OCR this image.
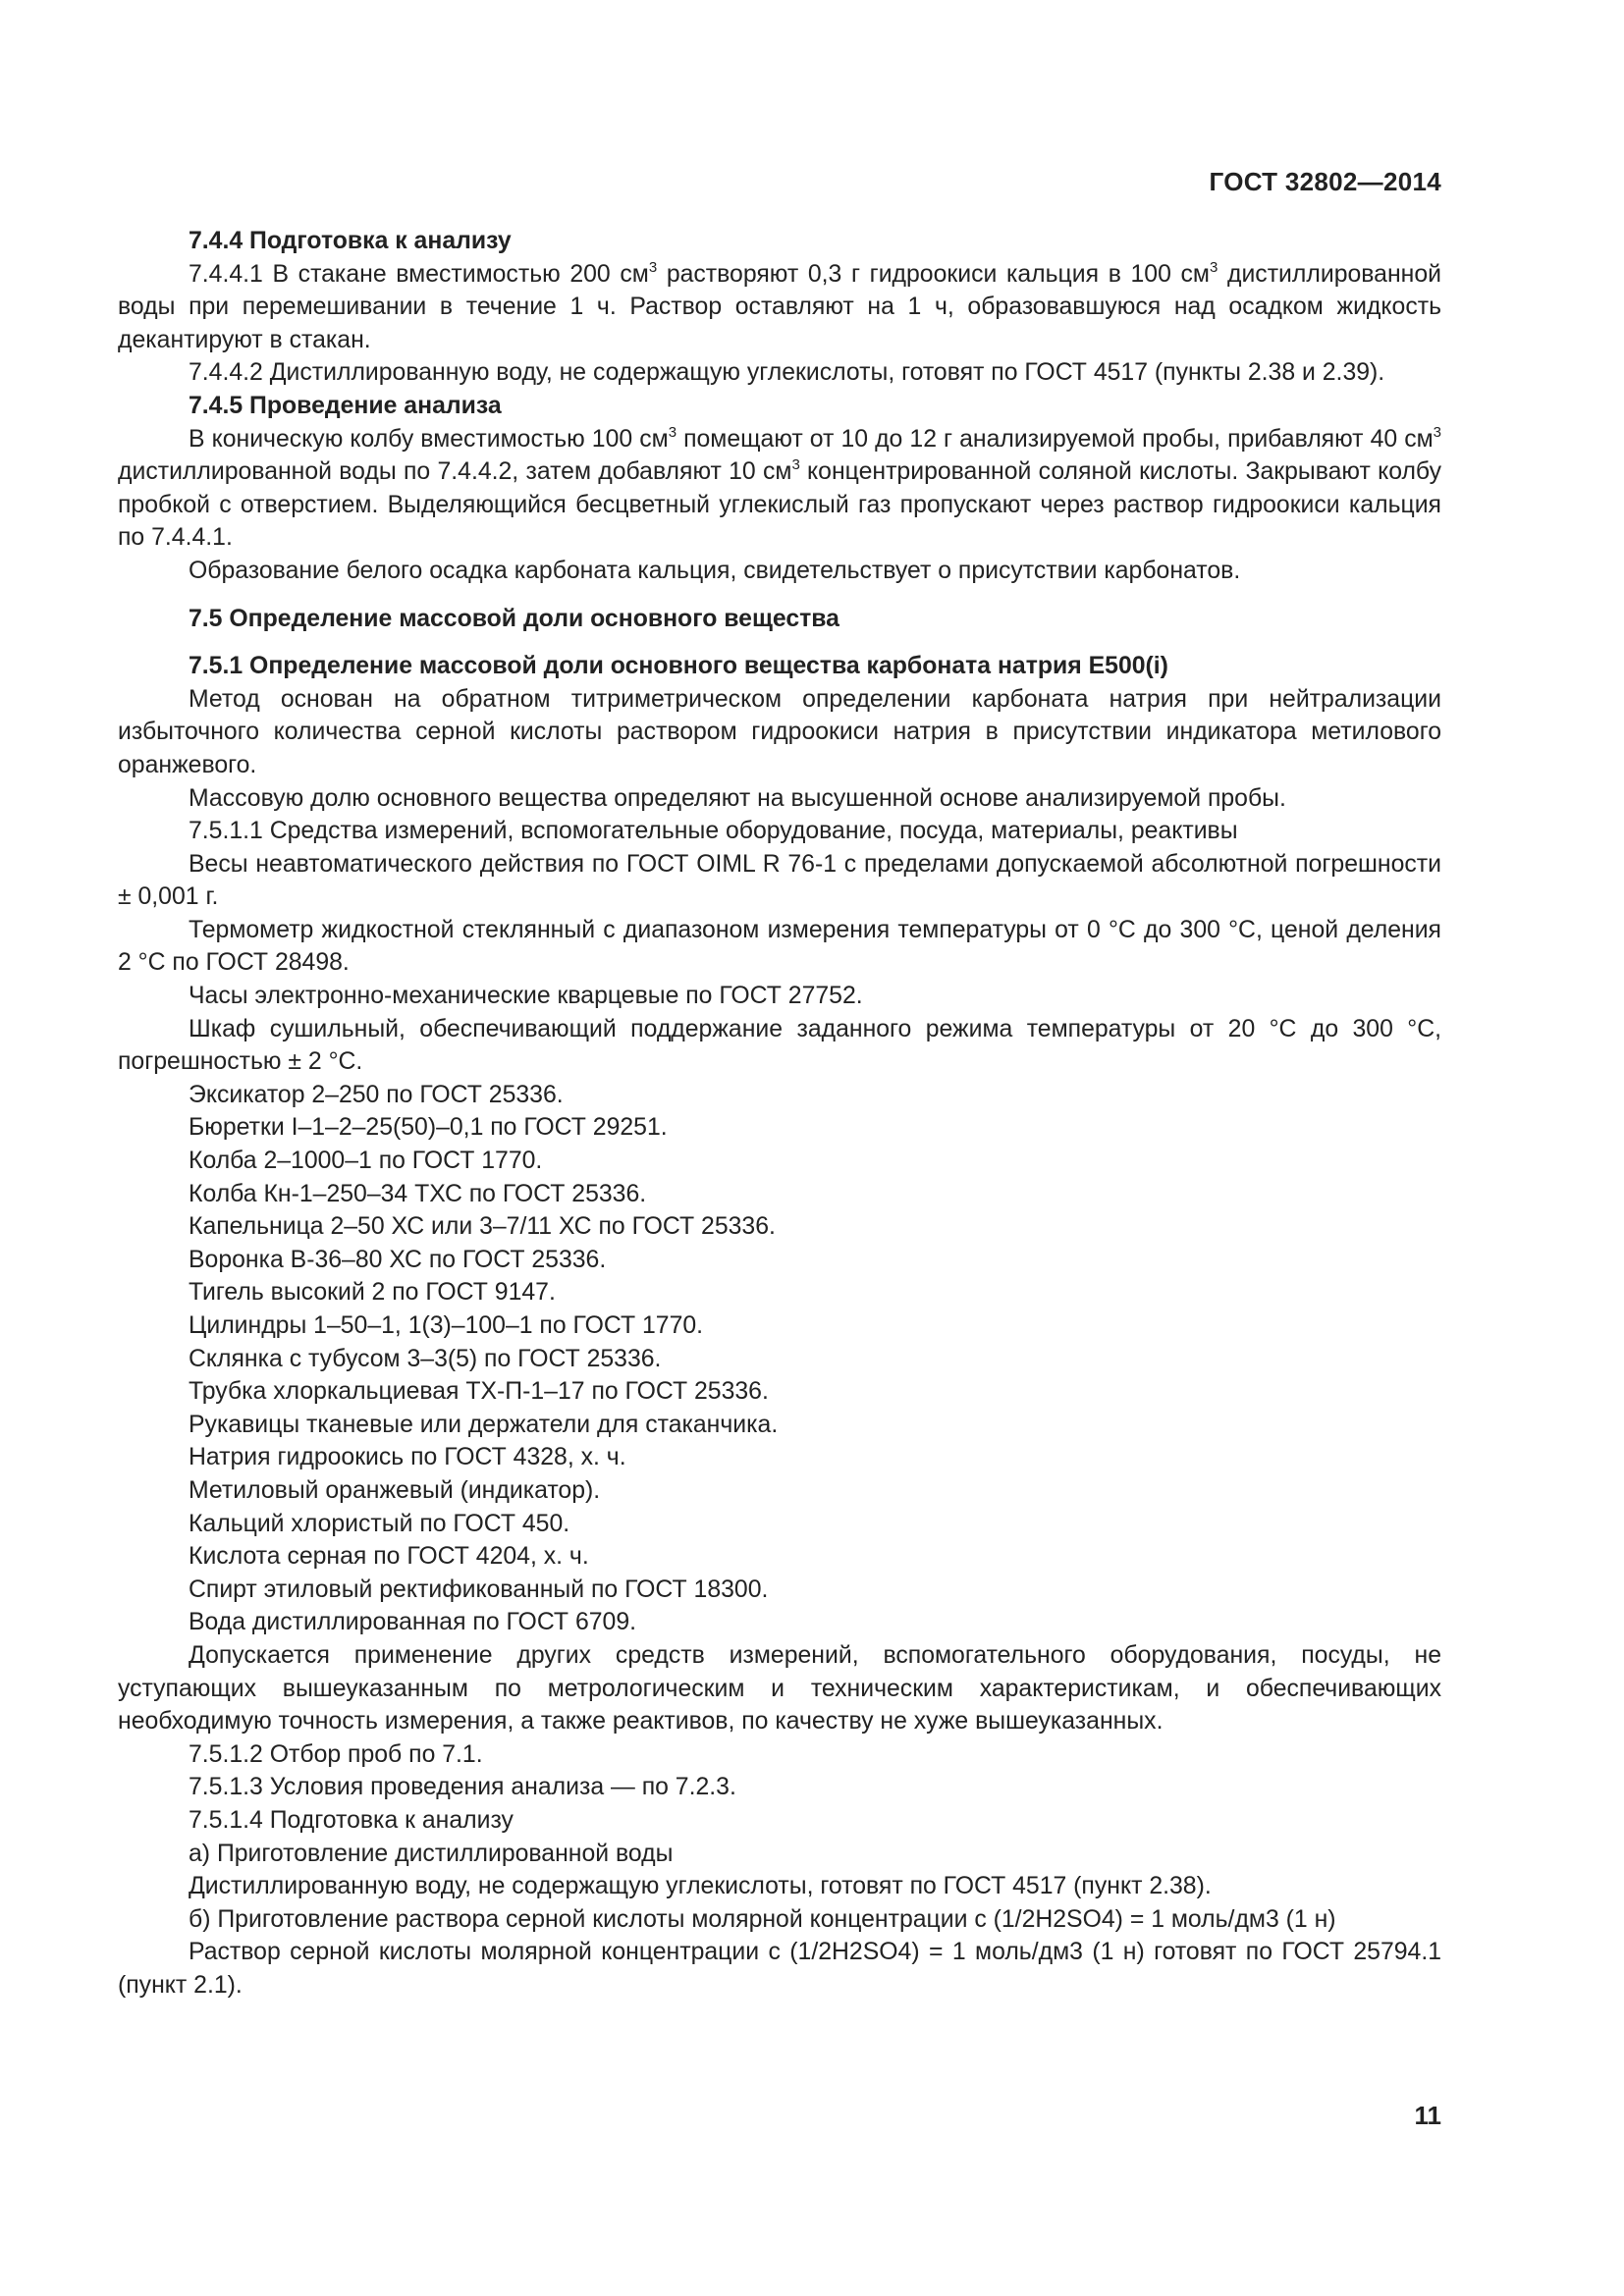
ГОСТ 32802—2014

7.4.4 Подготовка к анализу

7.4.4.1 В стакане вместимостью 200 $см^3$ растворяют 0,3 г гидроокиси кальция в 100 $см^3$ дистиллированной воды при перемешивании в течение 1 ч. Раствор оставляют на 1 ч, образовавшуюся над осадком жидкость декантируют в стакан.

7.4.4.2 Дистиллированную воду, не содержащую углекислоты, готовят по ГОСТ 4517 (пункты 2.38 и 2.39).

7.4.5 Проведение анализа

В коническую колбу вместимостью 100 $см^3$ помещают от 10 до 12 г анализируемой пробы, прибавляют 40 $см^3$ дистиллированной воды по 7.4.4.2, затем добавляют 10 $см^3$ концентрированной соляной кислоты. Закрывают колбу пробкой с отверстием. Выделяющийся бесцветный углекислый газ пропускают через раствор гидроокиси кальция по 7.4.4.1.

Образование белого осадка карбоната кальция, свидетельствует о присутствии карбонатов.

7.5 Определение массовой доли основного вещества

7.5.1 Определение массовой доли основного вещества карбоната натрия E500(i)

Метод основан на обратном титриметрическом определении карбоната натрия при нейтрализации избыточного количества серной кислоты раствором гидроокиси натрия в присутствии индикатора метилового оранжевого.

Массовую долю основного вещества определяют на высушенной основе анализируемой пробы.

7.5.1.1 Средства измерений, вспомогательные оборудование, посуда, материалы, реактивы

Весы неавтоматического действия по ГОСТ OIML R 76-1 с пределами допускаемой абсолютной погрешности ± 0,001 г.

Термометр жидкостной стеклянный с диапазоном измерения температуры от 0 °С до 300 °С, ценой деления 2 °С по ГОСТ 28498.

Часы электронно-механические кварцевые по ГОСТ 27752.

Шкаф сушильный, обеспечивающий поддержание заданного режима температуры от 20 °С до 300 °С, погрешностью ± 2 °С.

Эксикатор 2–250 по ГОСТ 25336.

Бюретки I–1–2–25(50)–0,1 по ГОСТ 29251.

Колба 2–1000–1 по ГОСТ 1770.

Колба Кн-1–250–34 ТХС по ГОСТ 25336.

Капельница 2–50 ХС или 3–7/11 ХС по ГОСТ 25336.

Воронка В-36–80 ХС по ГОСТ 25336.

Тигель высокий 2 по ГОСТ 9147.

Цилиндры 1–50–1, 1(3)–100–1 по ГОСТ 1770.

Склянка с тубусом 3–3(5) по ГОСТ 25336.

Трубка хлоркальциевая ТХ-П-1–17 по ГОСТ 25336.

Рукавицы тканевые или держатели для стаканчика.

Натрия гидроокись по ГОСТ 4328, х. ч.

Метиловый оранжевый (индикатор).

Кальций хлористый по ГОСТ 450.

Кислота серная по ГОСТ 4204, х. ч.

Спирт этиловый ректификованный по ГОСТ 18300.

Вода дистиллированная по ГОСТ 6709.

Допускается применение других средств измерений, вспомогательного оборудования, посуды, не уступающих вышеуказанным по метрологическим и техническим характеристикам, и обеспечивающих необходимую точность измерения, а также реактивов, по качеству не хуже вышеуказанных.

7.5.1.2 Отбор проб по 7.1.

7.5.1.3 Условия проведения анализа — по 7.2.3.

7.5.1.4 Подготовка к анализу

а) Приготовление дистиллированной воды

Дистиллированную воду, не содержащую углекислоты, готовят по ГОСТ 4517 (пункт 2.38).

б) Приготовление раствора серной кислоты молярной концентрации с (1/2H2SO4) = 1 моль/дм3 (1 н)

Раствор серной кислоты молярной концентрации с (1/2H2SO4) = 1 моль/дм3 (1 н) готовят по ГОСТ 25794.1 (пункт 2.1).

11
